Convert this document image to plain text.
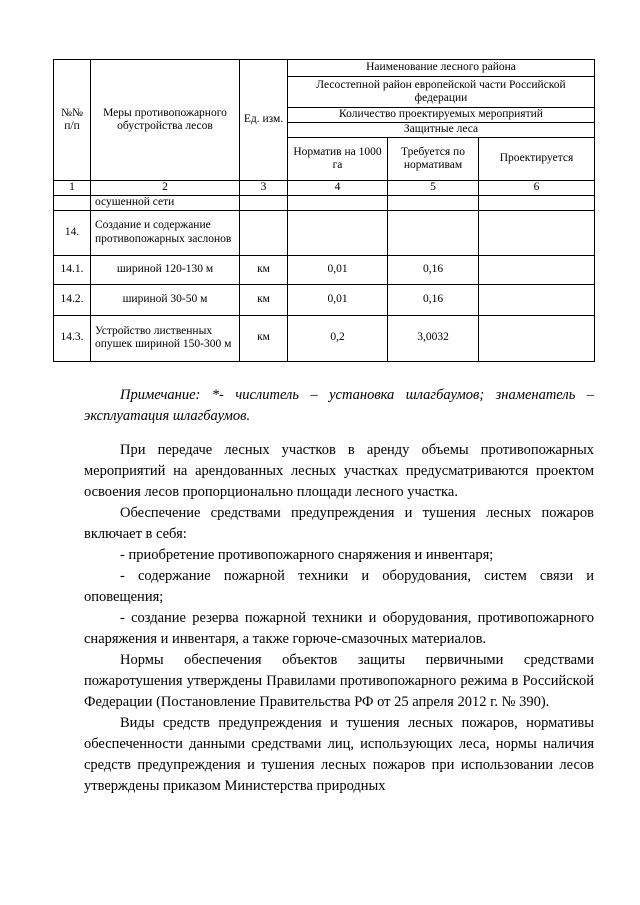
№№ п/п	Меры противопожарного обустройства лесов	Ед. изм.	Наименование лесного района		
			Лесостепной район европейской части Российской федерации		
			Количество проектируемых мероприятий		
			Защитные леса		
			Норматив на 1000 га	Требуется по нормативам	Проектируется

1	2	3	4	5	6
	осушенной сети				
14.	Создание и содержание противопожарных заслонов				
14.1.	шириной 120-130 м	км	0,01	0,16	
14.2.	шириной 30-50 м	км	0,01	0,16	
14.3.	Устройство лиственных опушек шириной 150-300 м	км	0,2	3,0032	
Примечание: *- числитель – установка шлагбаумов; знаменатель – эксплуатация шлагбаумов.

При передаче лесных участков в аренду объемы противопожарных мероприятий на арендованных лесных участках предусматриваются проектом освоения лесов пропорционально площади лесного участка.

Обеспечение средствами предупреждения и тушения лесных пожаров включает в себя:

- приобретение противопожарного снаряжения и инвентаря;

- содержание пожарной техники и оборудования, систем связи и оповещения;

- создание резерва пожарной техники и оборудования, противопожарного снаряжения и инвентаря, а также горюче-смазочных материалов.

Нормы обеспечения объектов защиты первичными средствами пожаротушения утверждены Правилами противопожарного режима в Российской Федерации (Постановление Правительства РФ от 25 апреля 2012 г. № 390).

Виды средств предупреждения и тушения лесных пожаров, нормативы обеспеченности данными средствами лиц, использующих леса, нормы наличия средств предупреждения и тушения лесных пожаров при использовании лесов утверждены приказом Министерства природных
